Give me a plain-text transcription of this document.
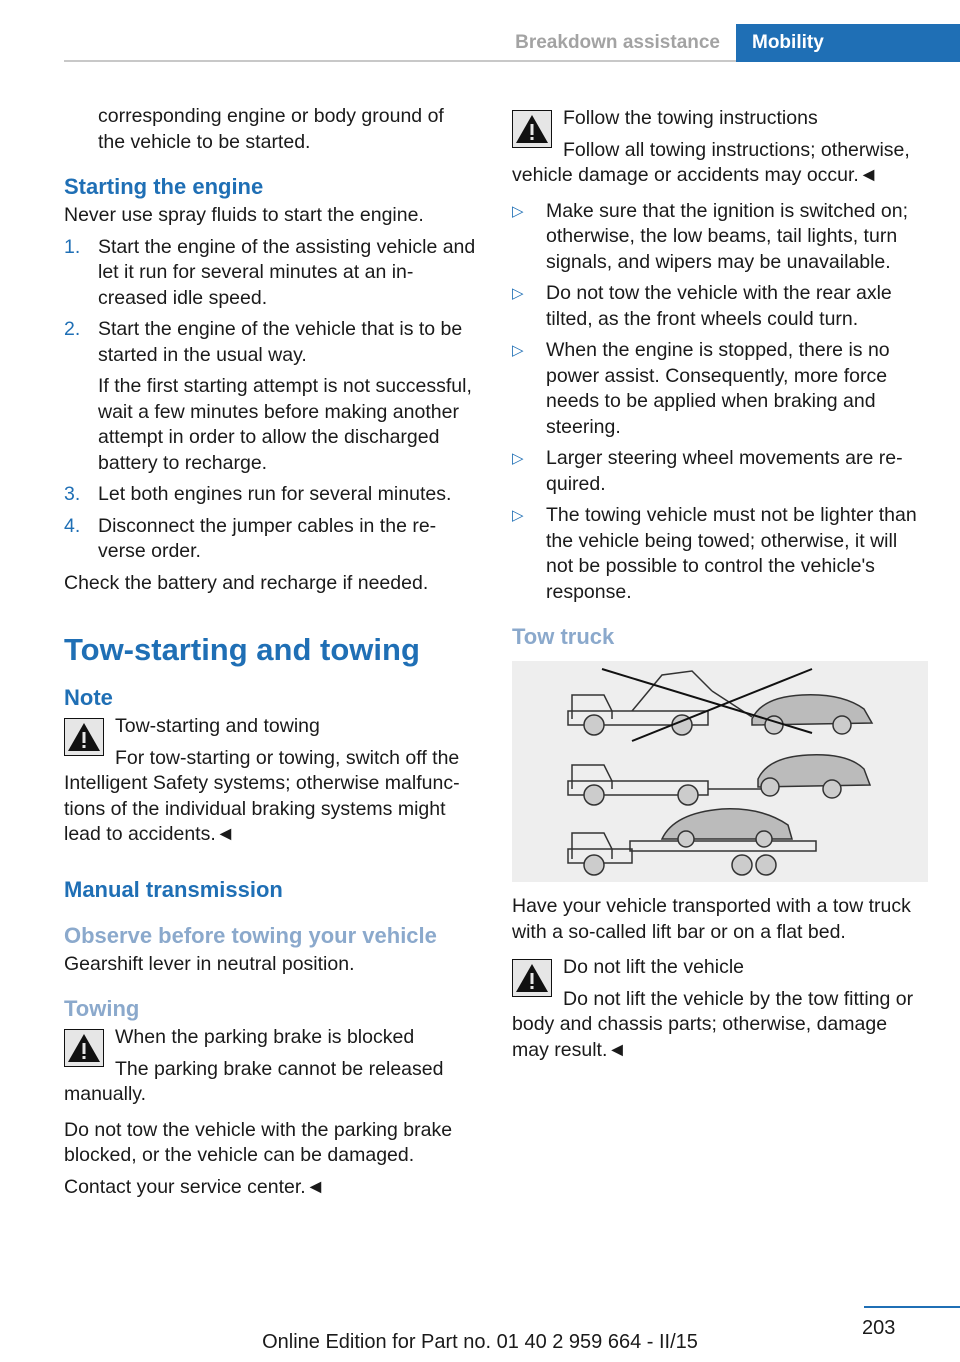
Breakdown assistance	Mobility

corresponding engine or body ground of the vehicle to be started.

Starting the engine

Never use spray fluids to start the engine.

1. Start the engine of the assisting vehicle and let it run for several minutes at an increased idle speed.
2. Start the engine of the vehicle that is to be started in the usual way.
If the first starting attempt is not successful, wait a few minutes before making another attempt in order to allow the discharged battery to recharge.
3. Let both engines run for several minutes.
4. Disconnect the jumper cables in the reverse order.

Check the battery and recharge if needed.

Tow-starting and towing
Note
Tow-starting and towing
For tow-starting or towing, switch off the Intelligent Safety systems; otherwise malfunctions of the individual braking systems might lead to accidents.◄
Manual transmission
Observe before towing your vehicle

Gearshift lever in neutral position.

Towing
When the parking brake is blocked
The parking brake cannot be released manually.

Do not tow the vehicle with the parking brake blocked, or the vehicle can be damaged.

Contact your service center.◄

Follow the towing instructions
Follow all towing instructions; otherwise, vehicle damage or accidents may occur.◄
▷	Make sure that the ignition is switched on; otherwise, the low beams, tail lights, turn signals, and wipers may be unavailable.
▷	Do not tow the vehicle with the rear axle tilted, as the front wheels could turn.
▷	When the engine is stopped, there is no power assist. Consequently, more force needs to be applied when braking and steering.
▷	Larger steering wheel movements are required.
▷	The towing vehicle must not be lighter than the vehicle being towed; otherwise, it will not be possible to control the vehicle's response.
Tow truck

Have your vehicle transported with a tow truck with a so-called lift bar or on a flat bed.

Do not lift the vehicle
Do not lift the vehicle by the tow fitting or body and chassis parts; otherwise, damage may result.◄
203
Online Edition for Part no. 01 40 2 959 664 - II/15
